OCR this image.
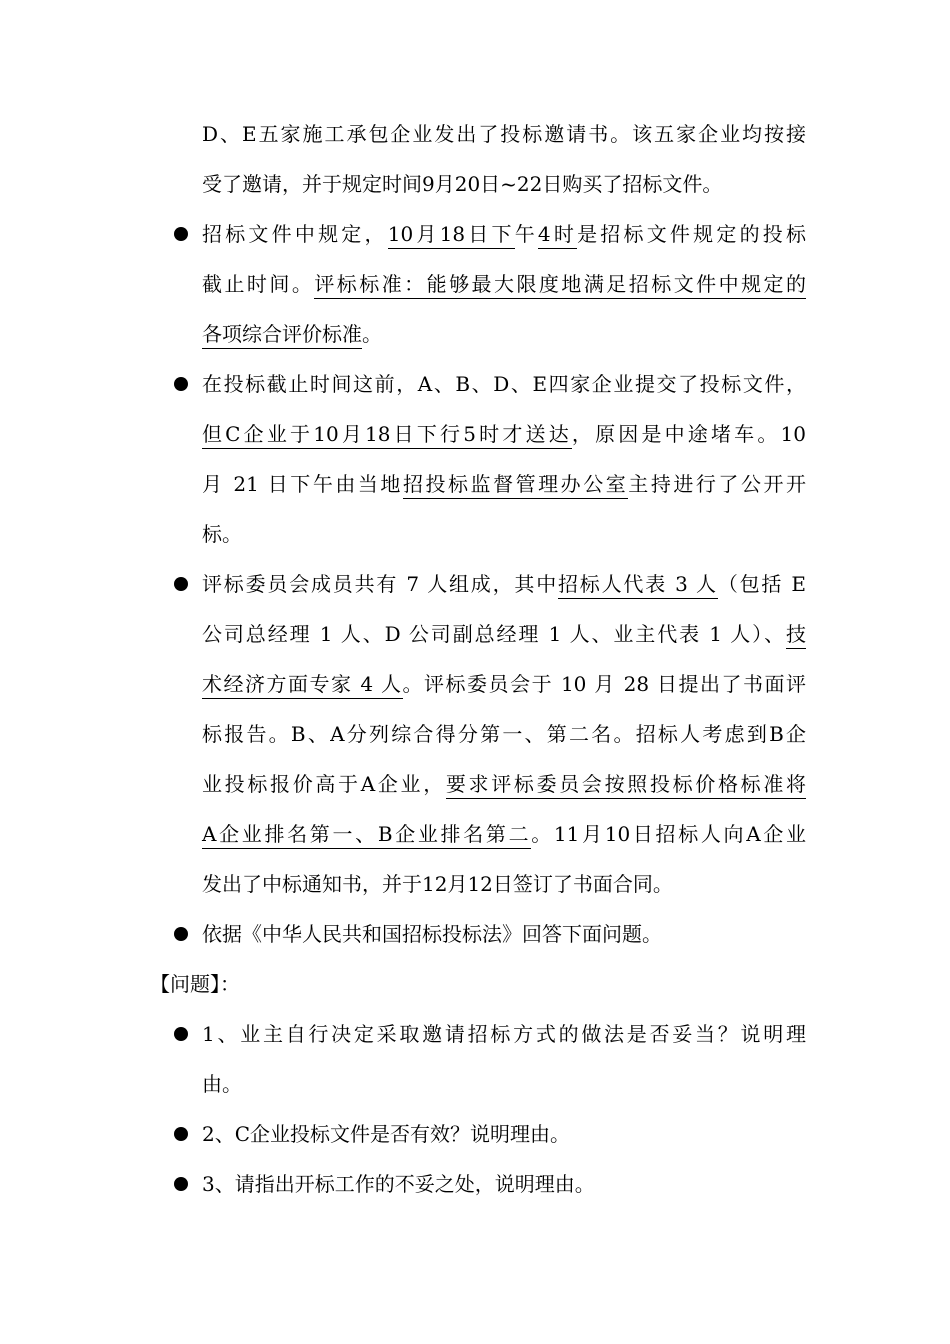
D、E五家施工承包企业发出了投标邀请书。该五家企业均按接
受了邀请，并于规定时间9月20日~22日购买了招标文件。
招标文件中规定，10月18日下午4时是招标文件规定的投标
截止时间。评标标准：能够最大限度地满足招标文件中规定的
各项综合评价标准。
在投标截止时间这前，A、B、D、E四家企业提交了投标文件，
但C企业于10月18日下行5时才送达，原因是中途堵车。10
月 21 日下午由当地招投标监督管理办公室主持进行了公开开
标。
评标委员会成员共有 7 人组成，其中招标人代表 3 人（包括 E
公司总经理 1 人、D 公司副总经理 1 人、业主代表 1 人）、技
术经济方面专家 4 人。评标委员会于 10 月 28 日提出了书面评
标报告。B、A分列综合得分第一、第二名。招标人考虑到B企
业投标报价高于A企业，要求评标委员会按照投标价格标准将
A企业排名第一、B企业排名第二。11月10日招标人向A企业
发出了中标通知书，并于12月12日签订了书面合同。
依据《中华人民共和国招标投标法》回答下面问题。
【问题】：
1、业主自行决定采取邀请招标方式的做法是否妥当？说明理
由。
2、C企业投标文件是否有效？说明理由。
3、请指出开标工作的不妥之处，说明理由。
